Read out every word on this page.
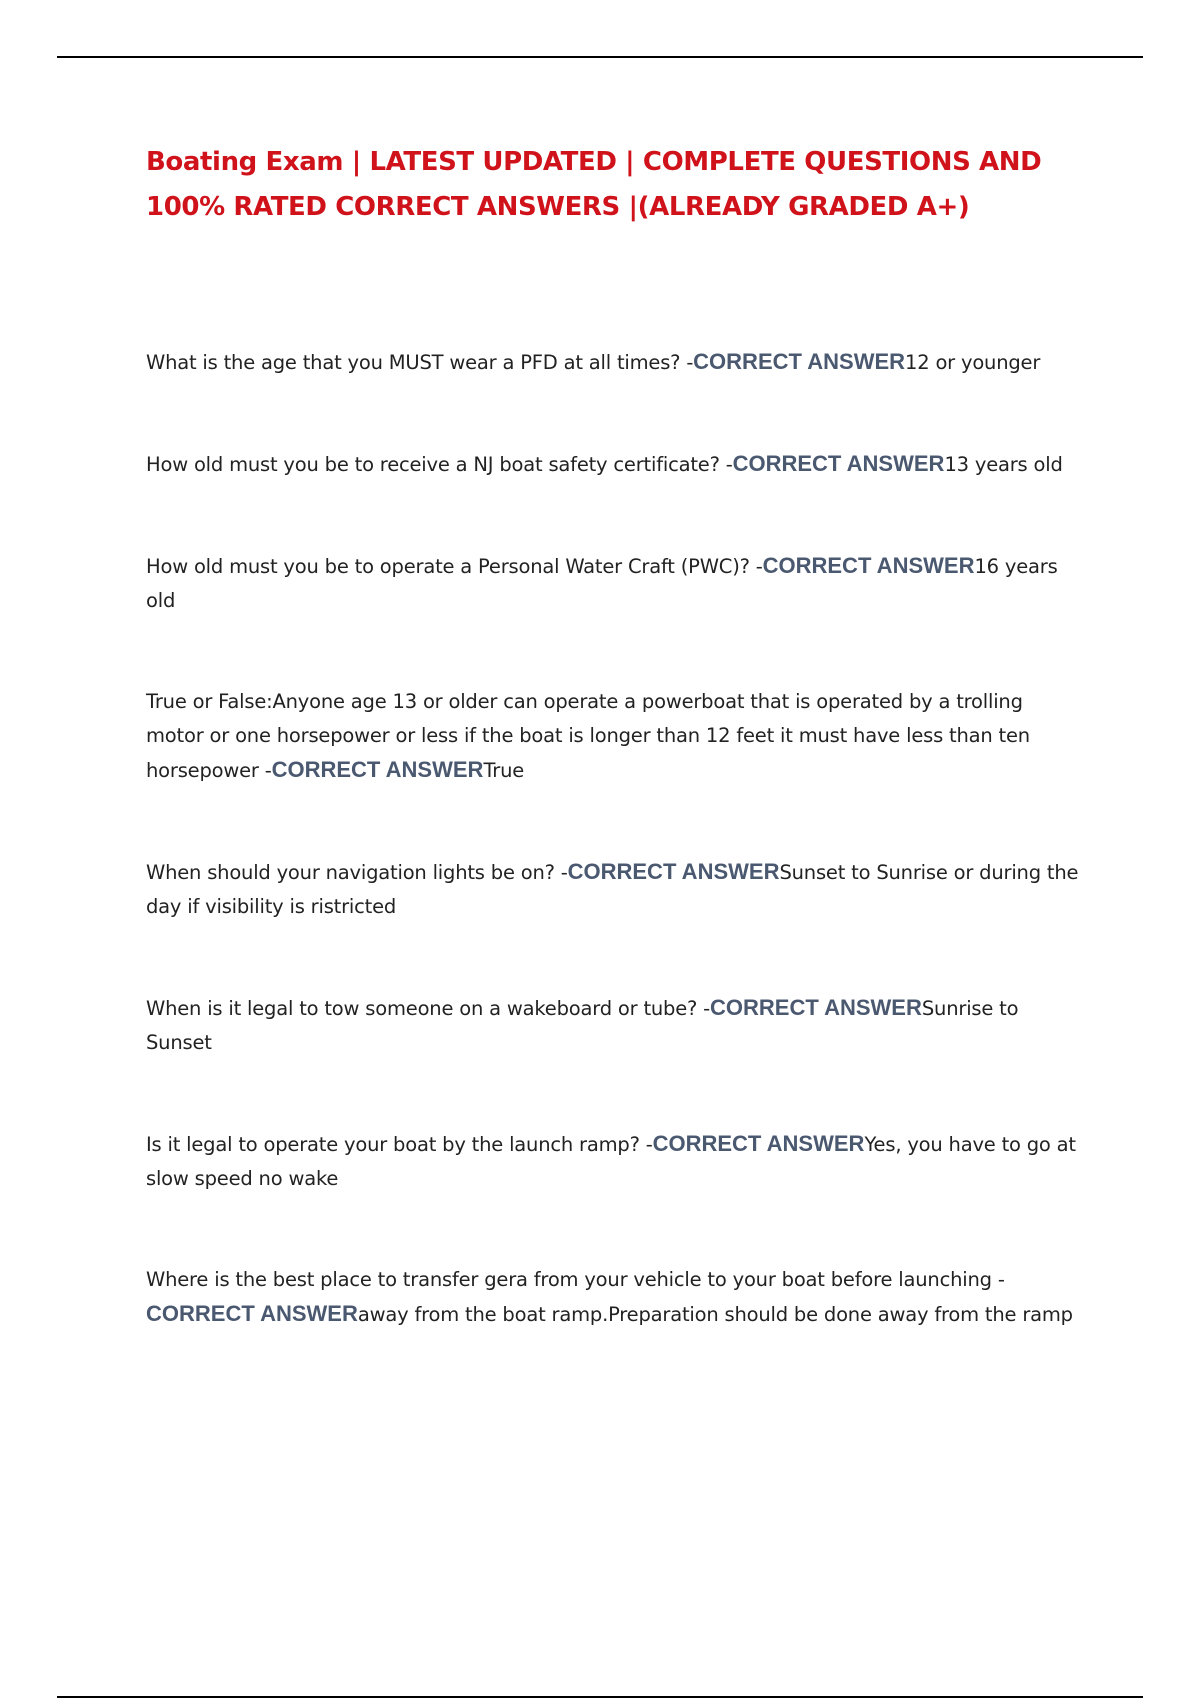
Boating Exam | LATEST UPDATED | COMPLETE QUESTIONS AND 100% RATED CORRECT ANSWERS |(ALREADY GRADED A+)

What is the age that you MUST wear a PFD at all times? -CORRECT ANSWER12 or younger

How old must you be to receive a NJ boat safety certificate? -CORRECT ANSWER13 years old

How old must you be to operate a Personal Water Craft (PWC)? -CORRECT ANSWER16 years old

True or False:Anyone age 13 or older can operate a powerboat that is operated by a trolling motor or one horsepower or less if the boat is longer than 12 feet it must have less than ten horsepower -CORRECT ANSWERTrue

When should your navigation lights be on? -CORRECT ANSWERSunset to Sunrise or during the day if visibility is ristricted

When is it legal to tow someone on a wakeboard or tube? -CORRECT ANSWERSunrise to Sunset

Is it legal to operate your boat by the launch ramp? -CORRECT ANSWERYes, you have to go at slow speed no wake

Where is the best place to transfer gera from your vehicle to your boat before launching -CORRECT ANSWERaway from the boat ramp.Preparation should be done away from the ramp
